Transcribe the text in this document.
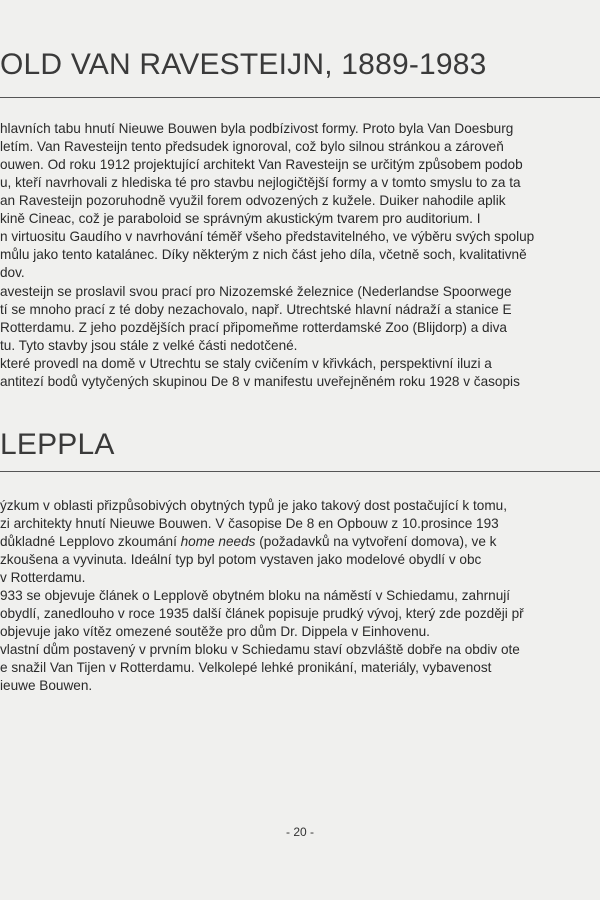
OLD VAN RAVESTEIJN, 1889-1983
hlavních tabu hnutí Nieuwe Bouwen byla podbízivost formy. Proto byla Van Doesburg
letím. Van Ravesteijn tento předsudek ignoroval, což bylo silnou stránkou a zároveň
ouwen. Od roku 1912 projektující architekt Van Ravesteijn se určitým způsobem podob
u, kteří navrhovali z hlediska té pro stavbu nejlogičtější formy a v tomto smyslu to za ta
an Ravesteijn pozoruhodně využil forem odvozených z kužele. Duiker nahodile aplik
kině Cineac, což je paraboloid se správným akustickým tvarem pro auditorium. I
n virtuositu Gaudího v navrhování téměř všeho představitelného, ve výběru svých spolup
můlu jako tento katalánec. Díky některým z nich část jeho díla, včetně soch, kvalitativně
dov.
avesteijn se proslavil svou prací pro Nizozemské železnice (Nederlandse Spoorwege
tí se mnoho prací z té doby nezachovalo, např. Utrechtské hlavní nádraží a stanice E
Rotterdamu. Z jeho pozdějších prací připomeňme rotterdamské Zoo (Blijdorp) a diva
tu. Tyto stavby jsou stále z velké části nedotčené.
které provedl na domě v Utrechtu se staly cvičením v křivkách, perspektivní iluzi a
antitezí bodů vytyčených skupinou De 8 v manifestu uveřejněném roku 1928 v časopis
LEPPLA
ýzkum v oblasti přizpůsobivých obytných typů je jako takový dost postačující k tomu,
zi architekty hnutí Nieuwe Bouwen. V časopise De 8 en Opbouw z 10.prosince 193
důkladné Lepplovo zkoumání home needs (požadavků na vytvoření domova), ve k
zkoušena a vyvinuta. Ideální typ byl potom vystaven jako modelové obydlí v obc
v Rotterdamu.
933 se objevuje článek o Lepplově obytném bloku na náměstí v Schiedamu, zahrnují
obydlí, zanedlouho v roce 1935 další článek popisuje prudký vývoj, který zde později př
objevuje jako vítěz omezené soutěže pro dům Dr. Dippela v Einhovenu.
vlastní dům postavený v prvním bloku v Schiedamu staví obzvláště dobře na obdiv ote
e snažil Van Tijen v Rotterdamu. Velkolepé lehké pronikání, materiály, vybavenost
ieuwe Bouwen.
- 20 -
